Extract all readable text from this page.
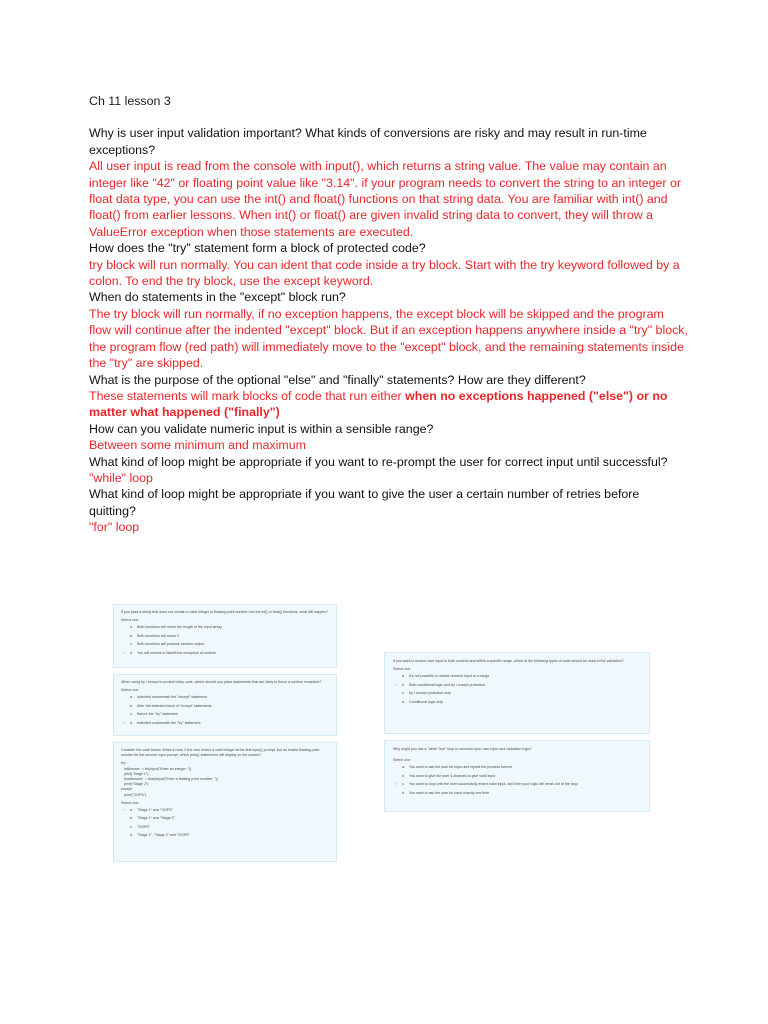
Ch 11 lesson 3

Why is user input validation important? What kinds of conversions are risky and may result in run-time exceptions?

All user input is read from the console with input(), which returns a string value. The value may contain an integer like "42" or floating point value like "3.14". if your program needs to convert the string to an integer or float data type, you can use the int() and float() functions on that string data. You are familiar with int() and float() from earlier lessons. When int() or float() are given invalid string data to convert, they will throw a ValueError exception when those statements are executed.

How does the "try" statement form a block of protected code?

try block will run normally. You can ident that code inside a try block. Start with the try keyword followed by a colon. To end the try block, use the except keyword.

When do statements in the "except" block run?

The try block will run normally, if no exception happens, the except block will be skipped and the program flow will continue after the indented "except" block. But if an exception happens anywhere inside a "try" block, the program flow (red path) will immediately move to the "except" block, and the remaining statements inside the "try" are skipped.

What is the purpose of the optional "else" and "finally" statements? How are they different?

These statements will mark blocks of code that run either when no exceptions happened ("else") or no matter what happened ("finally")

How can you validate numeric input is within a sensible range?

Between some minimum and maximum

What kind of loop might be appropriate if you want to re-prompt the user for correct input until successful?

"while" loop

What kind of loop might be appropriate if you want to give the user a certain number of retries before quitting?

"for" loop

If you pass a string that does not contain a valid integer or floating point number into the int() or float() functions, what will happen?
Select one:
a. Both functions will return the length of the input string
b. Both functions will return 0
c. Both functions will produce random output
✓ d. You will receive a ValueError exception at runtime
When using try / except to protect tricky code, where should you place statements that are likely to throw a runtime exception?
Select one:
a. Indented underneath the "except" statement
b. After the indented block of "except" statements
c. Before the "try" statement
✓ d. Indented underneath the "try" statement
Consider the code below. When it runs, if the user enters a valid integer at the first input() prompt, but an invalid floating point number for the second input prompt, which print() statements will display on the screen?
try:
intAnswer  = int(input("Enter an integer: "))
print("Stage 1")
floatAnswer  = float(input("Enter a floating point number: "))
print("Stage 2")
except:
print("OOPS")
Select one:
✓ a. "Stage 1" and "OOPS"
b. "Stage 1" and "Stage 2"
c. "OOPS"
d. "Stage 1", "Stage 2" and "OOPS"
If you want to ensure user input is both numeric and within a specific range, which of the following types of code should be used in the validation?
Select one:
a. It's not possible to restrict numeric input to a range
✓ b. Both conditional logic and try / except protection
c. try / except protection only
d. Conditional logic only
Why might you use a "while True" loop to surround your user input and validation logic?
Select one:
a. You want to ask the user for input and repeat the process forever
b. You want to give the user 3 chances to give valid input
✓ c. You want to loop until the user successfully enters valid input, and then your logic will break out of the loop
d. You want to ask the user for input exactly one time
